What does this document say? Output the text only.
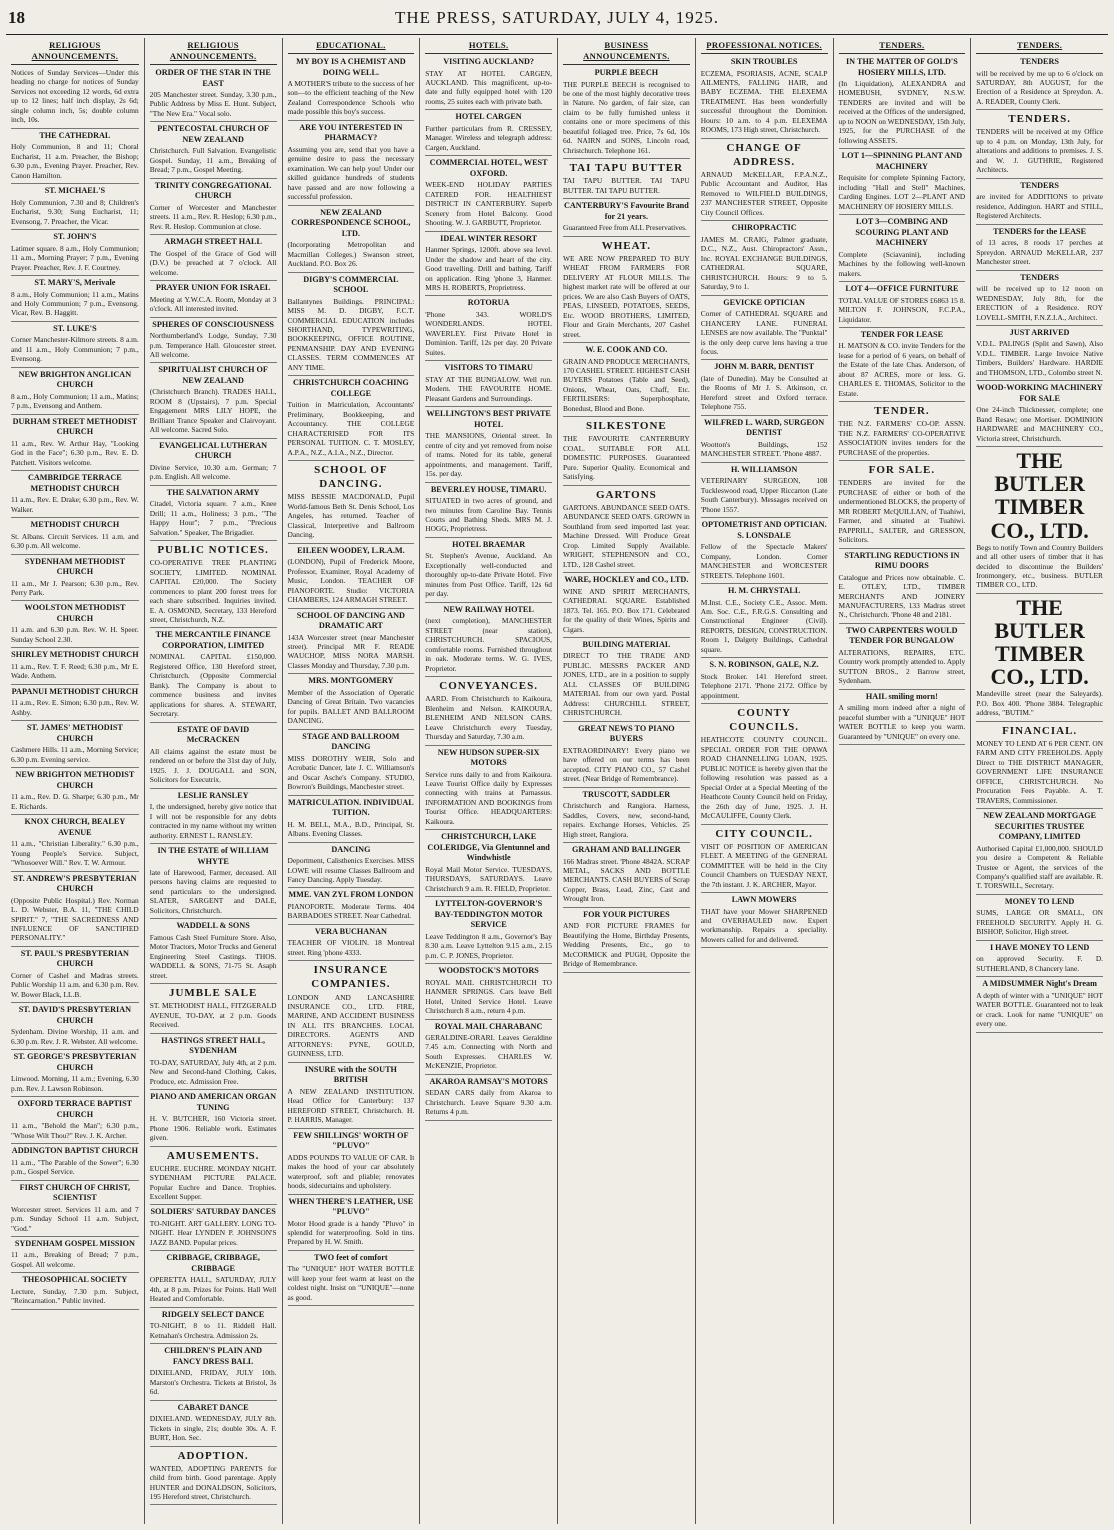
18	THE PRESS, SATURDAY, JULY 4, 1925.
RELIGIOUS ANNOUNCEMENTS.
Notices of Sunday Services—Under this heading no charge for notices of Sunday Services not exceeding 12 words, 6d extra up to 12 lines; half inch display, 2s 6d; single column inch, 5s; double column inch, 10s.
THE CATHEDRAL
Holy Communion, 8 and 11; Choral Eucharist, 11 a.m. Preacher, the Bishop; 6.30 p.m., Evening Prayer. Preacher, Rev. Canon Hamilton.
ST. MICHAEL'S
Holy Communion, 7.30 and 8; Children's Eucharist, 9.30; Sung Eucharist, 11; Evensong, 7. Preacher, the Vicar.
ST. JOHN'S
Latimer square. 8 a.m., Holy Communion; 11 a.m., Morning Prayer; 7 p.m., Evening Prayer. Preacher, Rev. J. F. Courtney.
ST. MARY'S, Merivale
8 a.m., Holy Communion; 11 a.m., Matins and Holy Communion; 7 p.m., Evensong. Vicar, Rev. B. Haggitt.
ST. LUKE'S
Corner Manchester-Kilmore streets. 8 a.m. and 11 a.m., Holy Communion; 7 p.m., Evensong.
NEW BRIGHTON ANGLICAN CHURCH
8 a.m., Holy Communion; 11 a.m., Matins; 7 p.m., Evensong and Anthem.
DURHAM STREET METHODIST CHURCH
11 a.m., Rev. W. Arthur Hay, "Looking God in the Face"; 6.30 p.m., Rev. E. D. Patchett. Visitors welcome.
CAMBRIDGE TERRACE METHODIST CHURCH
11 a.m., Rev. E. Drake; 6.30 p.m., Rev. W. Walker.
METHODIST CHURCH
St. Albans. Circuit Services. 11 a.m. and 6.30 p.m. All welcome.
SYDENHAM METHODIST CHURCH
11 a.m., Mr J. Pearson; 6.30 p.m., Rev. Perry Park.
WOOLSTON METHODIST CHURCH
11 a.m. and 6.30 p.m. Rev. W. H. Speer. Sunday School 2.30.
SHIRLEY METHODIST CHURCH
11 a.m., Rev. T. F. Reed; 6.30 p.m., Mr E. Wade. Anthem.
PAPANUI METHODIST CHURCH
11 a.m., Rev. E. Simon; 6.30 p.m., Rev. W. Ashby.
ST. JAMES' METHODIST CHURCH
Cashmere Hills. 11 a.m., Morning Service; 6.30 p.m. Evening service.
NEW BRIGHTON METHODIST CHURCH
11 a.m., Rev. D. G. Sharpe; 6.30 p.m., Mr E. Richards.
KNOX CHURCH, BEALEY AVENUE
11 a.m., "Christian Liberality." 6.30 p.m., Young People's Service. Subject, "Whosoever Will." Rev. T. W. Armour.
ST. ANDREW'S PRESBYTERIAN CHURCH
(Opposite Public Hospital.) Rev. Norman L. D. Webster, B.A. 11, "THE CHILD SPIRIT." 7, "THE SACREDNESS AND INFLUENCE OF SANCTIFIED PERSONALITY."
ST. PAUL'S PRESBYTERIAN CHURCH
Corner of Cashel and Madras streets. Public Worship 11 a.m. and 6.30 p.m. Rev. W. Bower Black, LL.B.
ST. DAVID'S PRESBYTERIAN CHURCH
Sydenham. Divine Worship, 11 a.m. and 6.30 p.m. Rev. J. R. Webster. All welcome.
ST. GEORGE'S PRESBYTERIAN CHURCH
Linwood. Morning, 11 a.m.; Evening, 6.30 p.m. Rev. J. Lawson Robinson.
OXFORD TERRACE BAPTIST CHURCH
11 a.m., "Behold the Man"; 6.30 p.m., "Whose Wilt Thou?" Rev. J. K. Archer.
ADDINGTON BAPTIST CHURCH
11 a.m., "The Parable of the Sower"; 6.30 p.m., Gospel Service.
FIRST CHURCH OF CHRIST, SCIENTIST
Worcester street. Services 11 a.m. and 7 p.m. Sunday School 11 a.m. Subject, "God."
SYDENHAM GOSPEL MISSION
11 a.m., Breaking of Bread; 7 p.m., Gospel. All welcome.
THEOSOPHICAL SOCIETY
Lecture, Sunday, 7.30 p.m. Subject, "Reincarnation." Public invited.
RELIGIOUS ANNOUNCEMENTS.
ORDER OF THE STAR IN THE EAST
205 Manchester street. Sunday, 3.30 p.m., Public Address by Miss E. Hunt. Subject, "The New Era." Vocal solo.
PENTECOSTAL CHURCH OF NEW ZEALAND
Christchurch. Full Salvation. Evangelistic Gospel. Sunday, 11 a.m., Breaking of Bread; 7 p.m., Gospel Meeting.
TRINITY CONGREGATIONAL CHURCH
Corner of Worcester and Manchester streets. 11 a.m., Rev. R. Heslop; 6.30 p.m., Rev. R. Heslop. Communion at close.
ARMAGH STREET HALL
The Gospel of the Grace of God will (D.V.) be preached at 7 o'clock. All welcome.
PRAYER UNION FOR ISRAEL
Meeting at Y.W.C.A. Room, Monday at 3 o'clock. All interested invited.
SPHERES OF CONSCIOUSNESS
Northumberland's Lodge, Sunday, 7.30 p.m. Temperance Hall. Gloucester street. All welcome.
SPIRITUALIST CHURCH OF NEW ZEALAND
(Christchurch Branch). TRADES HALL, ROOM 8 (Upstairs), 7 p.m. Special Engagement MRS LILY HOPE, the Brilliant Trance Speaker and Clairvoyant. All welcome. Sacred Solo.
EVANGELICAL LUTHERAN CHURCH
Divine Service, 10.30 a.m. German; 7 p.m. English. All welcome.
THE SALVATION ARMY
Citadel, Victoria square. 7 a.m., Knee Drill; 11 a.m., Holiness; 3 p.m., "The Happy Hour"; 7 p.m., "Precious Salvation." Speaker, The Brigadier.
PUBLIC NOTICES.
CO-OPERATIVE TREE PLANTING SOCIETY, LIMITED. NOMINAL CAPITAL £20,000. The Society commences to plant 200 forest trees for each share subscribed. Inquiries invited. E. A. OSMOND, Secretary, 133 Hereford street, Christchurch, N.Z.
THE MERCANTILE FINANCE CORPORATION, LIMITED
NOMINAL CAPITAL £150,000. Registered Office, 130 Hereford street, Christchurch. (Opposite Commercial Bank). The Company is about to commence business and invites applications for shares. A. STEWART, Secretary.
ESTATE OF DAVID McCRACKEN
All claims against the estate must be rendered on or before the 31st day of July, 1925. J. J. DOUGALL and SON, Solicitors for Executrix.
LESLIE RANSLEY
I, the undersigned, hereby give notice that I will not be responsible for any debts contracted in my name without my written authority. ERNEST L. RANSLEY.
IN THE ESTATE of WILLIAM WHYTE
late of Harewood, Farmer, deceased. All persons having claims are requested to send particulars to the undersigned. SLATER, SARGENT and DALE, Solicitors, Christchurch.
WADDELL & SONS
Famous Cash Steel Furniture Store. Also, Motor Tractors, Motor Trucks and General Engineering Steel Castings. THOS. WADDELL & SONS, 71-75 St. Asaph street.
JUMBLE SALE
ST. METHODIST HALL, FITZGERALD AVENUE, TO-DAY, at 2 p.m. Goods Received.
HASTINGS STREET HALL, SYDENHAM
TO-DAY, SATURDAY, July 4th, at 2 p.m. New and Second-hand Clothing, Cakes, Produce, etc. Admission Free.
PIANO AND AMERICAN ORGAN TUNING
H. V. BUTCHER, 160 Victoria street. Phone 1906. Reliable work. Estimates given.
AMUSEMENTS.
EUCHRE. EUCHRE. MONDAY NIGHT. SYDENHAM PICTURE PALACE. Popular Euchre and Dance. Trophies. Excellent Supper.
SOLDIERS' SATURDAY DANCES
TO-NIGHT. ART GALLERY. LONG TO-NIGHT. Hear LYNDEN P. JOHNSON'S JAZZ BAND. Popular prices.
CRIBBAGE, CRIBBAGE, CRIBBAGE
OPERETTA HALL, SATURDAY, JULY 4th, at 8 p.m. Prizes for Points. Hall Well Heated and Comfortable.
RIDGELY SELECT DANCE
TO-NIGHT, 8 to 11. Riddell Hall. Ketnahan's Orchestra. Admission 2s.
CHILDREN'S PLAIN AND FANCY DRESS BALL
DIXIELAND, FRIDAY, JULY 10th. Marston's Orchestra. Tickets at Bristol, 3s 6d.
CABARET DANCE
DIXIELAND. WEDNESDAY, JULY 8th. Tickets in single, 21s; double 30s. A. F. BURT, Hon. Sec.
ADOPTION.
WANTED, ADOPTING PARENTS for child from birth. Good parentage. Apply HUNTER and DONALDSON, Solicitors, 195 Hereford street, Christchurch.
EDUCATIONAL.
MY BOY IS A CHEMIST AND DOING WELL.
A MOTHER'S tribute to the success of her son—to the efficient teaching of the New Zealand Correspondence Schools who made possible this boy's success.
ARE YOU INTERESTED IN PHARMACY?
Assuming you are, send that you have a genuine desire to pass the necessary examination. We can help you! Under our skilled guidance hundreds of students have passed and are now following a successful profession.
NEW ZEALAND CORRESPONDENCE SCHOOL, LTD.
(Incorporating Metropolitan and Macmillan Colleges.) Swanson street, Auckland. P.O. Box 26.
DIGBY'S COMMERCIAL SCHOOL
Ballantynes Buildings. PRINCIPAL: MISS M. D. DIGBY, F.C.T. COMMERCIAL EDUCATION includes SHORTHAND, TYPEWRITING, BOOKKEEPING, OFFICE ROUTINE, PENMANSHIP. DAY AND EVENING CLASSES. TERM COMMENCES AT ANY TIME.
CHRISTCHURCH COACHING COLLEGE
Tuition in Matriculation, Accountants' Preliminary, Bookkeeping, and Accountancy. THE COLLEGE CHARACTERISED FOR ITS PERSONAL TUITION. C. T. MOSLEY, A.P.A., N.Z., A.I.A., N.Z., Director.
SCHOOL OF DANCING.
MISS BESSIE MACDONALD, Pupil World-famous Beth St. Denis School, Los Angeles, has returned. Teacher of Classical, Interpretive and Ballroom Dancing.
EILEEN WOODEY, L.R.A.M.
(LONDON), Pupil of Frederick Moore, Professor, Examiner, Royal Academy of Music, London. TEACHER OF PIANOFORTE. Studio: VICTORIA CHAMBERS, 124 ARMAGH STREET.
SCHOOL OF DANCING AND DRAMATIC ART
143A Worcester street (near Manchester street). Principal MR F. READE WAUCHOP, MISS NORA MARSH. Classes Monday and Thursday, 7.30 p.m.
MRS. MONTGOMERY
Member of the Association of Operatic Dancing of Great Britain. Two vacancies for pupils. BALLET AND BALLROOM DANCING.
STAGE AND BALLROOM DANCING
MISS DOROTHY WEIR, Solo and Acrobatic Dancer, late J. C. Williamson's and Oscar Asche's Company. STUDIO, Bowron's Buildings, Manchester street.
MATRICULATION. INDIVIDUAL TUITION.
H. M. BELL, M.A., B.D., Principal, St. Albans. Evening Classes.
DANCING
Deportment, Calisthenics Exercises. MISS LOWE will resume Classes Ballroom and Fancy Dancing. Apply Tuesday.
MME. VAN ZYL FROM LONDON
PIANOFORTE. Moderate Terms. 404 BARBADOES STREET. Near Cathedral.
VERA BUCHANAN
TEACHER OF VIOLIN. 18 Montreal street. Ring 'phone 4333.
INSURANCE COMPANIES.
LONDON AND LANCASHIRE INSURANCE CO., LTD. FIRE, MARINE, AND ACCIDENT BUSINESS IN ALL ITS BRANCHES. LOCAL DIRECTORS. AGENTS AND ATTORNEYS: PYNE, GOULD, GUINNESS, LTD.
INSURE with the SOUTH BRITISH
A NEW ZEALAND INSTITUTION. Head Office for Canterbury: 137 HEREFORD STREET, Christchurch. H. P. HARRIS, Manager.
FEW SHILLINGS' WORTH OF "PLUVO"
ADDS POUNDS TO VALUE OF CAR. It makes the hood of your car absolutely waterproof, soft and pliable; renovates hoods, sidecurtains and upholstery.
WHEN THERE'S LEATHER, USE "PLUVO"
Motor Hood grade is a handy "Pluvo" in splendid for waterproofing. Sold in tins. Prepared by H. W. Smith.
TWO feet of comfort
The "UNIQUE" HOT WATER BOTTLE will keep your feet warm at least on the coldest night. Insist on "UNIQUE"—none as good.
HOTELS.
VISITING AUCKLAND?
STAY AT HOTEL CARGEN, AUCKLAND. This magnificent, up-to-date and fully equipped hotel with 120 rooms, 25 suites each with private bath.
HOTEL CARGEN
Further particulars from R. CRESSEY, Manager. Wireless and telegraph address: Cargen, Auckland.
COMMERCIAL HOTEL, WEST OXFORD.
WEEK-END HOLIDAY PARTIES CATERED FOR. HEALTHIEST DISTRICT IN CANTERBURY. Superb Scenery from Hotel Balcony. Good Shooting. W. J. GARBUTT, Proprietor.
IDEAL WINTER RESORT
Hanmer Springs, 1200ft. above sea level. Under the shadow and heart of the city. Good travelling. Drill and bathing. Tariff on application. Ring 'phone 3, Hanmer. MRS H. ROBERTS, Proprietress.
ROTORUA
'Phone 343. WORLD'S WONDERLANDS. HOTEL WAVERLEY. First Private Hotel in Dominion. Tariff, 12s per day. 20 Private Suites.
VISITORS TO TIMARU
STAY AT THE BUNGALOW. Well run. Modern. THE FAVOURITE HOME. Pleasant Gardens and Surroundings.
WELLINGTON'S BEST PRIVATE HOTEL
THE MANSIONS, Oriental street. In centre of city and yet removed from noise of trams. Noted for its table, general appointments, and management. Tariff, 15s. per day.
BEVERLEY HOUSE, TIMARU.
SITUATED in two acres of ground, and two minutes from Caroline Bay. Tennis Courts and Bathing Sheds. MRS M. J. HOGG, Proprietress.
HOTEL BRAEMAR
St. Stephen's Avenue, Auckland. An Exceptionally well-conducted and thoroughly up-to-date Private Hotel. Five minutes from Post Office. Tariff, 12s 6d per day.
NEW RAILWAY HOTEL
(next completion), MANCHESTER STREET (near station), CHRISTCHURCH. SPACIOUS, comfortable rooms. Furnished throughout in oak. Moderate terms. W. G. IVES, Proprietor.
CONVEYANCES.
AARD. From Christchurch to Kaikoura, Blenheim and Nelson. KAIKOURA, BLENHEIM AND NELSON CARS. Leave Christchurch every Tuesday, Thursday and Saturday, 7.30 a.m.
NEW HUDSON SUPER-SIX MOTORS
Service runs daily to and from Kaikoura. Leave Tourist Office daily by Expresses connecting with trains at Parnassus. INFORMATION AND BOOKINGS from Tourist Office. HEADQUARTERS: Kaikoura.
CHRISTCHURCH, LAKE COLERIDGE, Via Glentunnel and Windwhistle
Royal Mail Motor Service. TUESDAYS, THURSDAYS, SATURDAYS. Leave Christchurch 9 a.m. R. FIELD, Proprietor.
LYTTELTON-GOVERNOR'S BAY-TEDDINGTON MOTOR SERVICE
Leave Teddington 8 a.m., Governor's Bay 8.30 a.m. Leave Lyttelton 9.15 a.m., 2.15 p.m. C. P. JONES, Proprietor.
WOODSTOCK'S MOTORS
ROYAL MAIL CHRISTCHURCH TO HANMER SPRINGS. Cars leave Bell Hotel, United Service Hotel. Leave Christchurch 8 a.m., return 4 p.m.
ROYAL MAIL CHARABANC
GERALDINE-ORARI. Leaves Geraldine 7.45 a.m. Connecting with North and South Expresses. CHARLES W. McKENZIE, Proprietor.
AKAROA RAMSAY'S MOTORS
SEDAN CARS daily from Akaroa to Christchurch. Leave Square 9.30 a.m. Returns 4 p.m.
BUSINESS ANNOUNCEMENTS.
PURPLE BEECH
THE PURPLE BEECH is recognised to be one of the most highly decorative trees in Nature. No garden, of fair size, can claim to be fully furnished unless it contains one or more specimens of this beautiful foliaged tree. Price, 7s 6d, 10s 6d. NAIRN and SONS, Lincoln road, Christchurch. Telephone 161.
TAI TAPU BUTTER
TAI TAPU BUTTER. TAI TAPU BUTTER. TAI TAPU BUTTER.
CANTERBURY'S Favourite Brand for 21 years.
Guaranteed Free from ALL Preservatives.
WHEAT.
WE ARE NOW PREPARED TO BUY WHEAT FROM FARMERS FOR DELIVERY AT FLOUR MILLS. The highest market rate will be offered at our prices. We are also Cash Buyers of OATS, PEAS, LINSEED, POTATOES, SEEDS, Etc. WOOD BROTHERS, LIMITED, Flour and Grain Merchants, 207 Cashel street.
W. E. COOK AND CO.
GRAIN AND PRODUCE MERCHANTS, 170 CASHEL STREET. HIGHEST CASH BUYERS Potatoes (Table and Seed), Onions, Wheat, Oats, Chaff, Etc. FERTILISERS: Superphosphate, Bonedust, Blood and Bone.
SILKESTONE
THE FAVOURITE CANTERBURY COAL. SUITABLE FOR ALL DOMESTIC PURPOSES. Guaranteed Pure. Superior Quality. Economical and Satisfying.
GARTONS
GARTONS. ABUNDANCE SEED OATS. ABUNDANCE SEED OATS. GROWN in Southland from seed imported last year. Machine Dressed. Will Produce Great Crop. Limited Supply Available. WRIGHT, STEPHENSON and CO., LTD., 128 Cashel street.
WARE, HOCKLEY and CO., LTD.
WINE AND SPIRIT MERCHANTS, CATHEDRAL SQUARE. Established 1873. Tel. 165. P.O. Box 171. Celebrated for the quality of their Wines, Spirits and Cigars.
BUILDING MATERIAL
DIRECT TO THE TRADE AND PUBLIC. MESSRS PACKER AND JONES, LTD., are in a position to supply ALL CLASSES OF BUILDING MATERIAL from our own yard. Postal Address: CHURCHILL STREET, CHRISTCHURCH.
GREAT NEWS TO PIANO BUYERS
EXTRAORDINARY! Every piano we have offered on our terms has been accepted. CITY PIANO CO., 57 Cashel street. (Near Bridge of Remembrance).
TRUSCOTT, SADDLER
Christchurch and Rangiora. Harness, Saddles, Covers, new, second-hand, repairs. Exchange Horses, Vehicles. 25 High street, Rangiora.
GRAHAM AND BALLINGER
166 Madras street. 'Phone 4842A. SCRAP METAL, SACKS AND BOTTLE MERCHANTS. CASH BUYERS of Scrap Copper, Brass, Lead, Zinc, Cast and Wrought Iron.
FOR YOUR PICTURES
AND FOR PICTURE FRAMES for Beautifying the Home, Birthday Presents, Wedding Presents, Etc., go to McCORMICK and PUGH, Opposite the Bridge of Remembrance.
PROFESSIONAL NOTICES.
SKIN TROUBLES
ECZEMA, PSORIASIS, ACNE, SCALP AILMENTS, FALLING HAIR, and BABY ECZEMA. THE ELEXEMA TREATMENT. Has been wonderfully successful throughout the Dominion. Hours: 10 a.m. to 4 p.m. ELEXEMA ROOMS, 173 High street, Christchurch.
CHANGE OF ADDRESS.
ARNAUD McKELLAR, F.P.A.N.Z., Public Accountant and Auditor, Has Removed to WILFIELD BUILDINGS, 237 MANCHESTER STREET, Opposite City Council Offices.
CHIROPRACTIC
JAMES M. CRAIG, Palmer graduate, D.C., N.Z., Aust. Chiropractors' Assn., Inc. ROYAL EXCHANGE BUILDINGS, CATHEDRAL SQUARE, CHRISTCHURCH. Hours: 9 to 5. Saturday, 9 to 1.
GEVICKE OPTICIAN
Corner of CATHEDRAL SQUARE and CHANCERY LANE. FUNERAL LENSES are now available. The "Punktal" is the only deep curve lens having a true focus.
JOHN M. BARR, DENTIST
(late of Dunedin). May be Consulted at the Rooms of Mr J. S. Atkinson, cr. Hereford street and Oxford terrace. Telephone 755.
WILFRED L. WARD, SURGEON DENTIST
Wootton's Buildings, 152 MANCHESTER STREET. 'Phone 4887.
H. WILLIAMSON
VETERINARY SURGEON, 108 Tuckleswood road, Upper Riccarton (Late South Canterbury). Messages received on 'Phone 1557.
OPTOMETRIST AND OPTICIAN. S. LONSDALE
Fellow of the Spectacle Makers' Company, London. Corner MANCHESTER and WORCESTER STREETS. Telephone 1601.
H. M. CHRYSTALL
M.Inst. C.E., Society C.E., Assoc. Mem. Am. Soc. C.E., F.R.G.S. Consulting and Constructional Engineer (Civil). REPORTS, DESIGN, CONSTRUCTION. Room 1, Dalgety Buildings, Cathedral square.
S. N. ROBINSON, GALE, N.Z.
Stock Broker. 141 Hereford street. Telephone 2171. 'Phone 2172. Office by appointment.
COUNTY COUNCILS.
HEATHCOTE COUNTY COUNCIL. SPECIAL ORDER FOR THE OPAWA ROAD CHANNELLING LOAN, 1925. PUBLIC NOTICE is hereby given that the following resolution was passed as a Special Order at a Special Meeting of the Heathcote County Council held on Friday, the 26th day of June, 1925. J. H. McCAULIFFE, County Clerk.
CITY COUNCIL.
VISIT OF POSITION OF AMERICAN FLEET. A MEETING of the GENERAL COMMITTEE will be held in the City Council Chambers on TUESDAY NEXT, the 7th instant. J. K. ARCHER, Mayor.
LAWN MOWERS
THAT have your Mower SHARPENED and OVERHAULED now. Expert workmanship. Repairs a speciality. Mowers called for and delivered.
TENDERS.
IN THE MATTER OF GOLD'S HOSIERY MILLS, LTD.
(In Liquidation), ALEXANDRA and HOMEBUSH, SYDNEY, N.S.W. TENDERS are invited and will be received at the Offices of the undersigned, up to NOON on WEDNESDAY, 15th July, 1925, for the PURCHASE of the following ASSETS.
LOT 1—SPINNING PLANT AND MACHINERY
Requisite for complete Spinning Factory, including "Hall and Stell" Machines, Carding Engines. LOT 2—PLANT AND MACHINERY OF HOSIERY MILLS.
LOT 3—COMBING AND SCOURING PLANT AND MACHINERY
Complete (Sciavanini), including Machines by the following well-known makers.
LOT 4—OFFICE FURNITURE
TOTAL VALUE OF STORES £6863 15 8. MILTON F. JOHNSON, F.C.P.A., Liquidator.
TENDER FOR LEASE
H. MATSON & CO. invite Tenders for the lease for a period of 6 years, on behalf of the Estate of the late Chas. Anderson, of about 87 ACRES, more or less. G. CHARLES E. THOMAS, Solicitor to the Estate.
TENDER.
THE N.Z. FARMERS' CO-OP. ASSN. THE N.Z. FARMERS' CO-OPERATIVE ASSOCIATION invites tenders for the PURCHASE of the properties.
FOR SALE.
TENDERS are invited for the PURCHASE of either or both of the undermentioned BLOCKS, the property of MR ROBERT McQUILLAN, of Tuahiwi, Farmer, and situated at Tuahiwi. PAPPRILL, SALTER, and GRESSON, Solicitors.
STARTLING REDUCTIONS IN RIMU DOORS
Catalogue and Prices now obtainable. C. E. OTLEY, LTD., TIMBER MERCHANTS AND JOINERY MANUFACTURERS, 133 Madras street N., Christchurch. 'Phone 48 and 2181.
TWO CARPENTERS WOULD TENDER FOR BUNGALOW
ALTERATIONS, REPAIRS, ETC. Country work promptly attended to. Apply SUTTON BROS., 2 Barrow street, Sydenham.
HAIL smiling morn!
A smiling morn indeed after a night of peaceful slumber with a "UNIQUE" HOT WATER BOTTLE to keep you warm. Guaranteed by "UNIQUE" on every one.
TENDERS.
TENDERS
will be received by me up to 6 o'clock on SATURDAY, 8th AUGUST, for the Erection of a Residence at Spreydon. A. A. READER, County Clerk.
TENDERS.
TENDERS will be received at my Office up to 4 p.m. on Monday, 13th July, for alterations and additions to premises. J. S. and W. J. GUTHRIE, Registered Architects.
TENDERS
are invited for ADDITIONS to private residence, Addington. HART and STILL, Registered Architects.
TENDERS for the LEASE
of 13 acres, 8 roods 17 perches at Spreydon. ARNAUD McKELLAR, 237 Manchester street.
TENDERS
will be received up to 12 noon on WEDNESDAY, July 8th, for the ERECTION of a Residence. ROY LOVELL-SMITH, F.N.Z.I.A., Architect.
JUST ARRIVED
V.D.L. PALINGS (Split and Sawn), Also V.D.L. TIMBER. Large Invoice Native Timbers, Builders' Hardware. HARDIE and THOMSON, LTD., Colombo street N.
WOOD-WORKING MACHINERY FOR SALE
One 24-inch Thicknesser, complete; one Band Resaw; one Mortiser. DOMINION HARDWARE and MACHINERY CO., Victoria street, Christchurch.
THE BUTLER TIMBER CO., LTD.
Begs to notify Town and Country Builders and all other users of timber that it has decided to discontinue the Builders' Ironmongery, etc., business. BUTLER TIMBER CO., LTD.
THE BUTLER TIMBER CO., LTD.
Mandeville street (near the Saleyards). P.O. Box 400. 'Phone 3884. Telegraphic address, "BUTIM."
FINANCIAL.
MONEY TO LEND AT 6 PER CENT. ON FARM AND CITY FREEHOLDS. Apply Direct to THE DISTRICT MANAGER, GOVERNMENT LIFE INSURANCE OFFICE, CHRISTCHURCH. No Procuration Fees Payable. A. T. TRAVERS, Commissioner.
NEW ZEALAND MORTGAGE SECURITIES TRUSTEE COMPANY, LIMITED
Authorised Capital £1,000,000. SHOULD you desire a Competent & Reliable Trustee or Agent, the services of the Company's qualified staff are available. R. T. TORSWILL, Secretary.
MONEY TO LEND
SUMS, LARGE OR SMALL, ON FREEHOLD SECURITY. Apply H. G. BISHOP, Solicitor, High street.
I HAVE MONEY TO LEND
on approved Security. F. D. SUTHERLAND, 8 Chancery lane.
A MIDSUMMER Night's Dream
A depth of winter with a "UNIQUE" HOT WATER BOTTLE. Guaranteed not to leak or crack. Look for name "UNIQUE" on every one.
